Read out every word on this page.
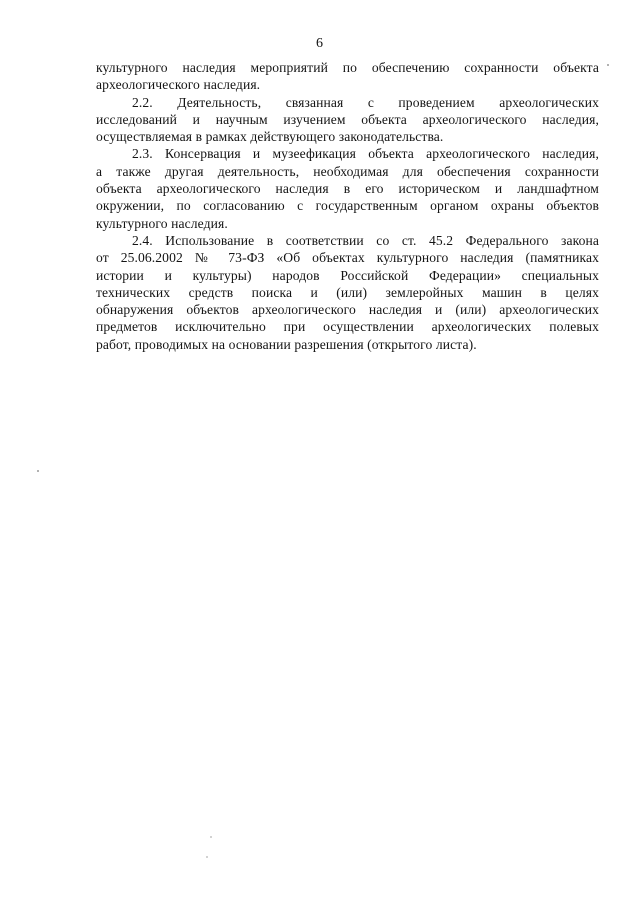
6

культурного наследия мероприятий по обеспечению сохранности объекта
археологического наследия.

2.2. Деятельность, связанная с проведением археологических
исследований и научным изучением объекта археологического наследия,
осуществляемая в рамках действующего законодательства.

2.3. Консервация и музеефикация объекта археологического наследия,
а также другая деятельность, необходимая для обеспечения сохранности
объекта археологического наследия в его историческом и ландшафтном
окружении, по согласованию с государственным органом охраны объектов
культурного наследия.

2.4. Использование в соответствии со ст. 45.2 Федерального закона
от 25.06.2002 № 73-ФЗ «Об объектах культурного наследия (памятниках
истории и культуры) народов Российской Федерации» специальных
технических средств поиска и (или) землеройных машин в целях
обнаружения объектов археологического наследия и (или) археологических
предметов исключительно при осуществлении археологических полевых
работ, проводимых на основании разрешения (открытого листа).
